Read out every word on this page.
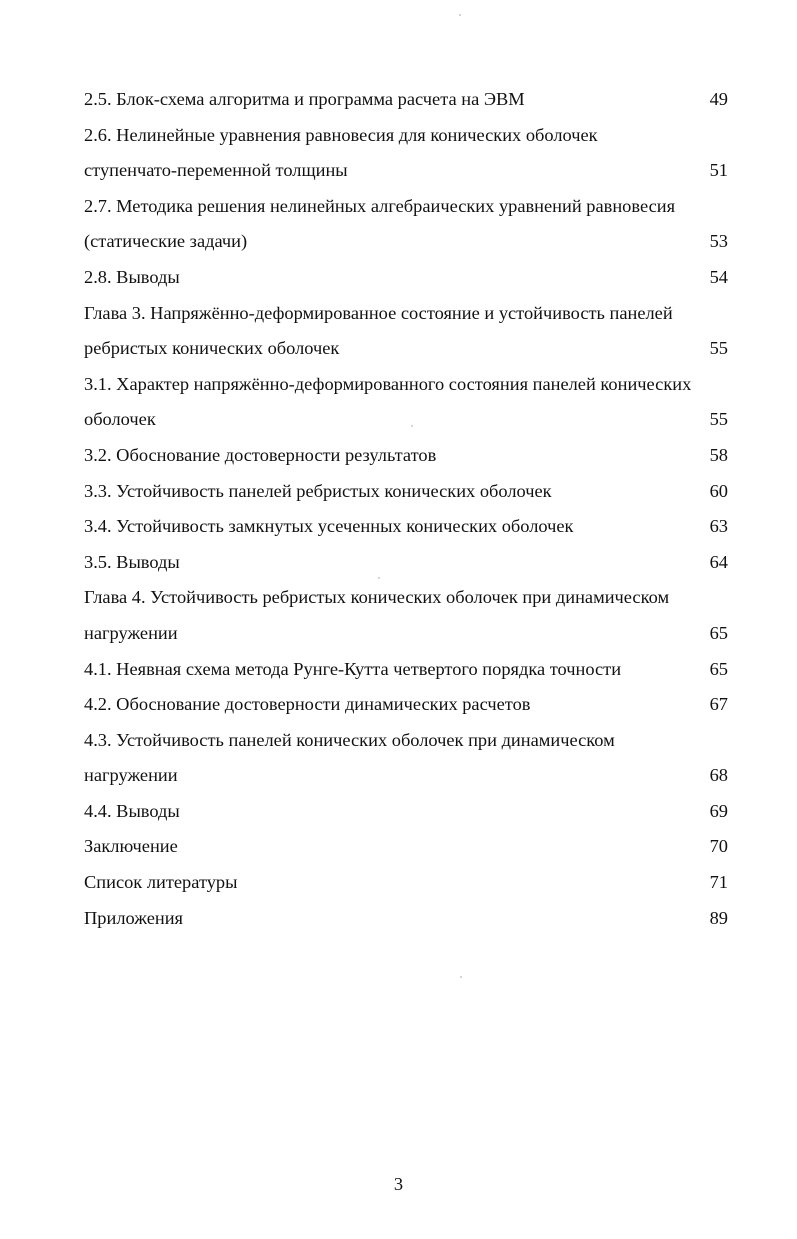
2.5. Блок-схема алгоритма и программа расчета на ЭВМ	49
2.6. Нелинейные уравнения равновесия для конических оболочек
ступенчато-переменной толщины	51
2.7. Методика решения нелинейных алгебраических уравнений равновесия
(статические задачи)	53
2.8. Выводы	54
Глава 3. Напряжённо-деформированное состояние и устойчивость панелей
ребристых конических оболочек	55
3.1. Характер напряжённо-деформированного состояния панелей конических
оболочек	55
3.2. Обоснование достоверности результатов	58
3.3. Устойчивость панелей ребристых конических оболочек	60
3.4. Устойчивость замкнутых усеченных конических оболочек	63
3.5. Выводы	64
Глава 4. Устойчивость ребристых конических оболочек при динамическом
нагружении	65
4.1. Неявная схема метода Рунге-Кутта четвертого порядка точности	65
4.2. Обоснование достоверности динамических расчетов	67
4.3. Устойчивость панелей конических оболочек при динамическом
нагружении	68
4.4. Выводы	69
Заключение	70
Список литературы	71
Приложения	89
3
